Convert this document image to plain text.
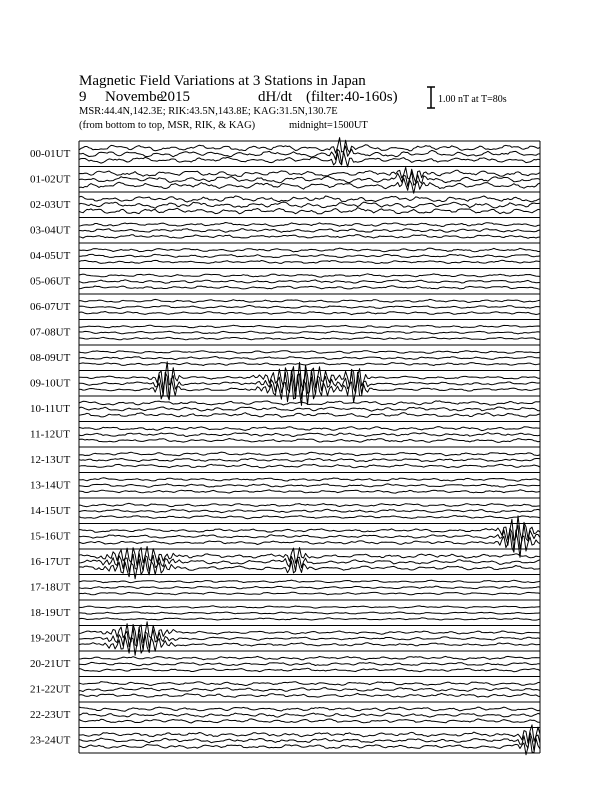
Magnetic Field Variations at 3 Stations in Japan
9 Novembe
2015	dH/dt (filter:40-160s)
MSR:44.4N,142.3E; RIK:43.5N,143.8E; KAG:31.5N,130.7E
(from bottom to top, MSR, RIK, & KAG)	midnight=1500UT
1.00 nT at T=80s
00-01UT
01-02UT
02-03UT
03-04UT
04-05UT
05-06UT
06-07UT
07-08UT
08-09UT
09-10UT
10-11UT
11-12UT
12-13UT
13-14UT
14-15UT
15-16UT
16-17UT
17-18UT
18-19UT
19-20UT
20-21UT
21-22UT
22-23UT
23-24UT
